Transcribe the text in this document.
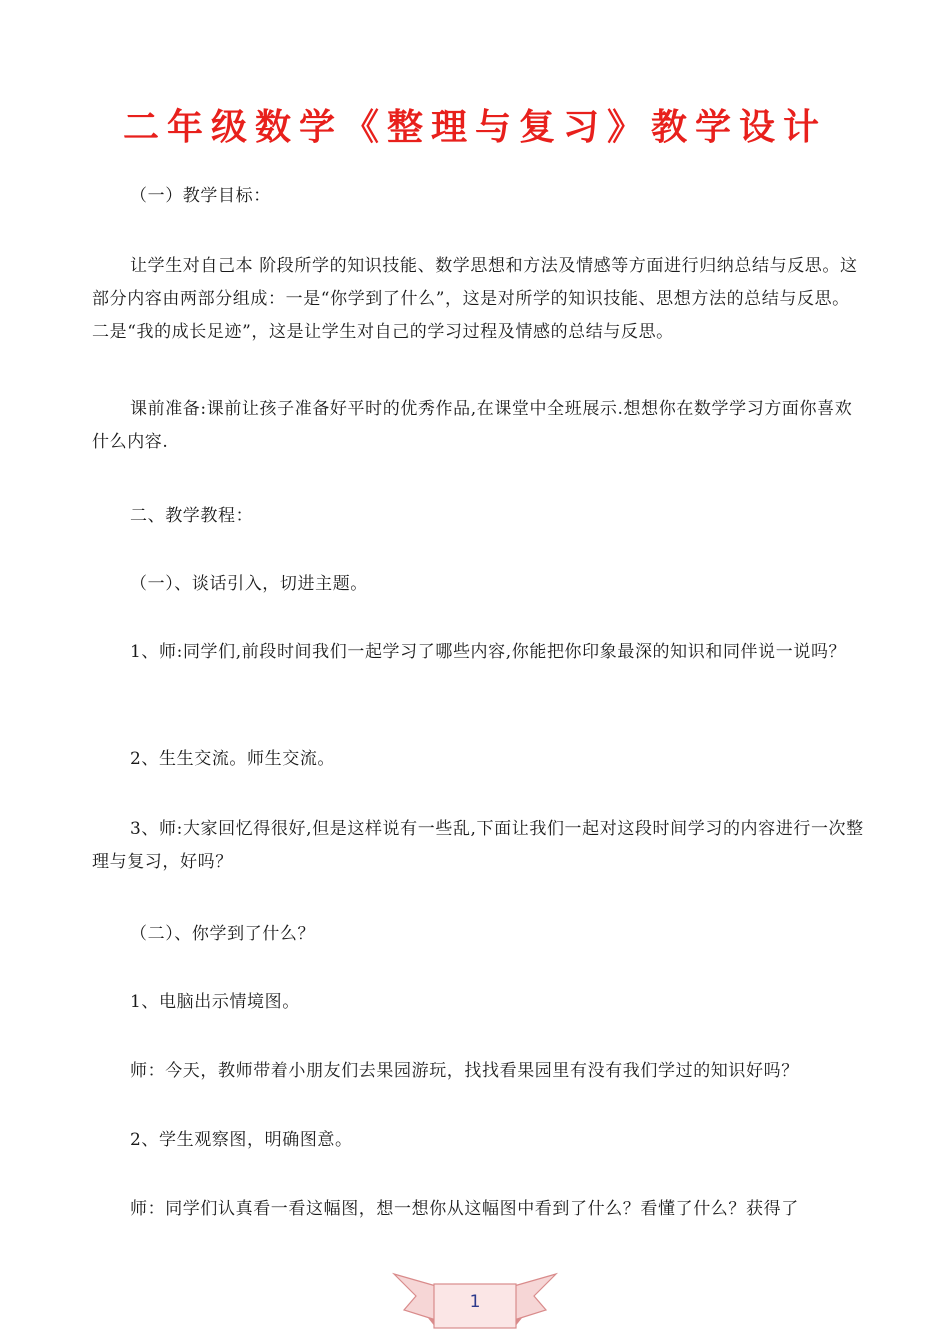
二年级数学《整理与复习》教学设计

（一）教学目标：

让学生对自己本 阶段所学的知识技能、数学思想和方法及情感等方面进行归纳总结与反思。这部分内容由两部分组成：一是“你学到了什么”，这是对所学的知识技能、思想方法的总结与反思。二是“我的成长足迹”，这是让学生对自己的学习过程及情感的总结与反思。

课前准备:课前让孩子准备好平时的优秀作品,在课堂中全班展示.想想你在数学学习方面你喜欢什么内容.

二、教学教程：

（一）、谈话引入，切进主题。

1、师:同学们,前段时间我们一起学习了哪些内容,你能把你印象最深的知识和同伴说一说吗？

2、生生交流。师生交流。

3、师:大家回忆得很好,但是这样说有一些乱,下面让我们一起对这段时间学习的内容进行一次整理与复习，好吗？

（二）、你学到了什么？

1、电脑出示情境图。

师：今天，教师带着小朋友们去果园游玩，找找看果园里有没有我们学过的知识好吗？

2、学生观察图，明确图意。

师：同学们认真看一看这幅图，想一想你从这幅图中看到了什么？看懂了什么？获得了

1
